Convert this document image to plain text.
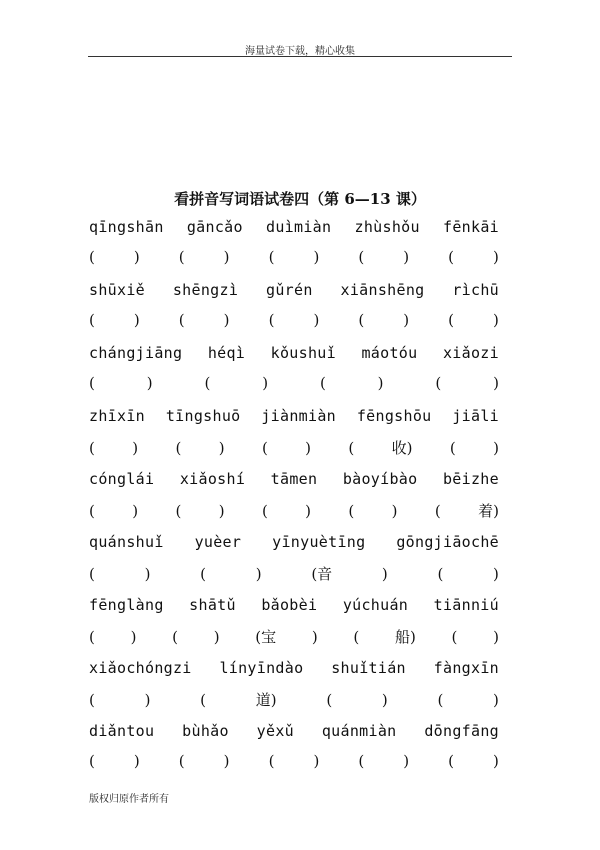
海量试卷下载，精心收集
看拼音写词语试卷四（第 6—13 课）
qīngshān gāncǎo duìmiàn zhùshǒu fēnkāi
(	)	(	)	(	)	(	)	(	)
shūxiě shēngzì gǔrén xiānshēng rìchū
(	)	(	)	(	)	(	)	(	)
chángjiāng héqì kǒushuǐ máotóu xiǎozi
(	)	(	)	(	)	(	)
zhīxīn tīngshuō jiànmiàn fēngshōu jiāli
( ) ( ) ( ) ( 收) ( )
cónglái xiǎoshí tāmen bàoyíbào bēizhe
( ) ( ) ( ) ( ) ( 着)
quánshuǐ yuèer yīnyuètīng gōngjiāochē
(	)	(	)	(音	)	(	)
fēnglàng shātǔ bǎobèi yúchuán tiānniú
( ) ( ) (宝 ) ( 船) ( )
xiǎochóngzi línyīndào shuǐtián fàngxīn
(	)	(	道)	(	)	(	)
diǎntou bùhǎo yěxǔ quánmiàn dōngfāng
(	)	(	)	(	)	(	)	(	)
版权归原作者所有
